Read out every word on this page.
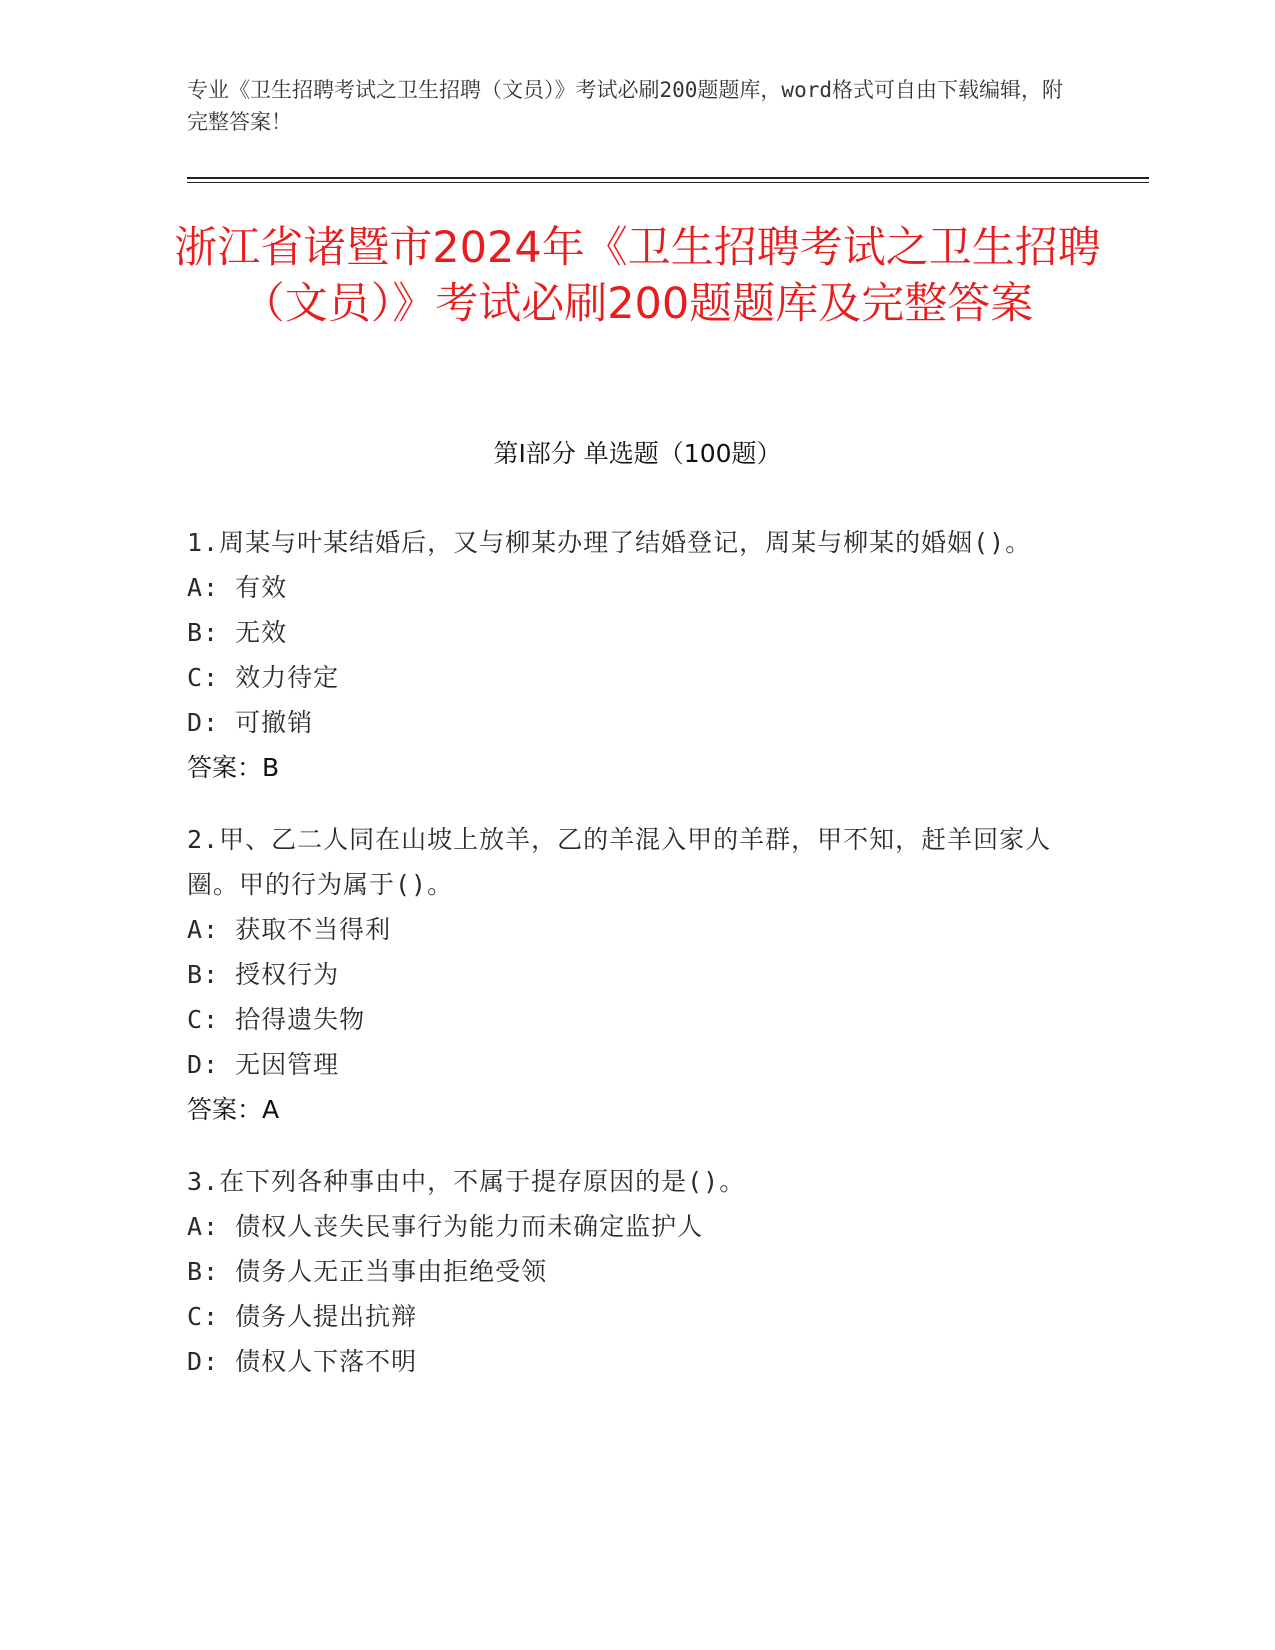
专业《卫生招聘考试之卫生招聘（文员）》考试必刷200题题库，word格式可自由下载编辑，附完整答案！
浙江省诸暨市2024年《卫生招聘考试之卫生招聘（文员）》考试必刷200题题库及完整答案
第I部分 单选题（100题）
1.周某与叶某结婚后，又与柳某办理了结婚登记，周某与柳某的婚姻()。
A: 有效
B: 无效
C: 效力待定
D: 可撤销
答案：B
2.甲、乙二人同在山坡上放羊，乙的羊混入甲的羊群，甲不知，赶羊回家人圈。甲的行为属于()。
A: 获取不当得利
B: 授权行为
C: 拾得遗失物
D: 无因管理
答案：A
3.在下列各种事由中，不属于提存原因的是()。
A: 债权人丧失民事行为能力而未确定监护人
B: 债务人无正当事由拒绝受领
C: 债务人提出抗辩
D: 债权人下落不明
